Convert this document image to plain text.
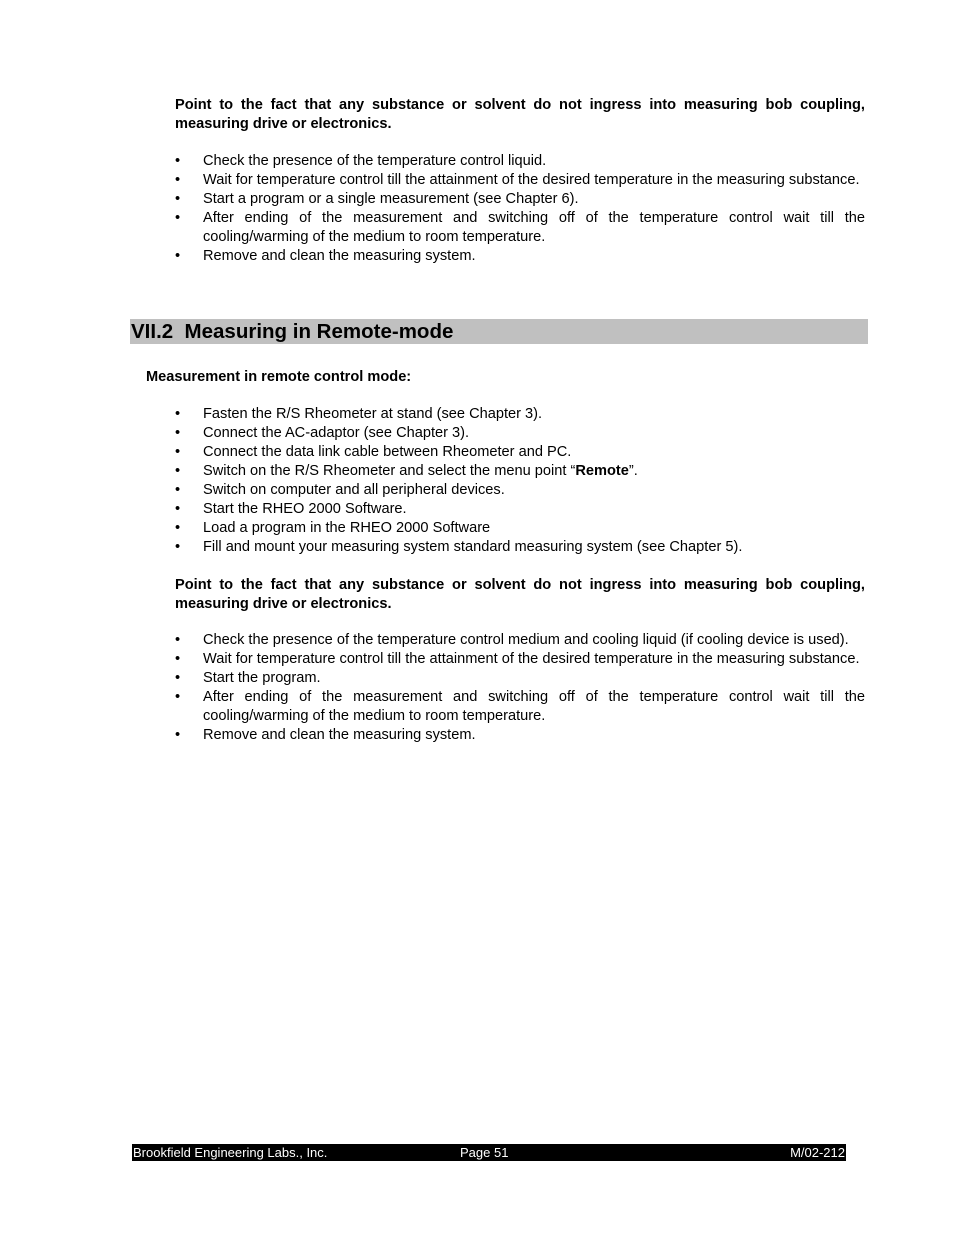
Point to the fact that any substance or solvent do not ingress into measuring bob coupling, measuring drive or electronics.

•	Check the presence of the temperature control liquid.
•	Wait for temperature control till the attainment of the desired temperature in the measuring substance.
•	Start a program or a single measurement (see Chapter 6).
•	After ending of the measurement and switching off of the temperature control wait till the cooling/warming of the medium to room temperature.
•	Remove and clean the measuring system.
VII.2  Measuring in Remote-mode
Measurement in remote control mode:
•	Fasten the R/S Rheometer at stand (see Chapter 3).
•	Connect the AC-adaptor (see Chapter 3).
•	Connect the data link cable between Rheometer and PC.
•	Switch on the R/S Rheometer and select the menu point “Remote”.
•	Switch on computer and all peripheral devices.
•	Start the RHEO 2000 Software.
•	Load a program in the RHEO 2000 Software
•	Fill and mount your measuring system standard measuring system (see Chapter 5).

Point to the fact that any substance or solvent do not ingress into measuring bob coupling, measuring drive or electronics.

•	Check the presence of the temperature control medium and cooling liquid (if cooling device is used).
•	Wait for temperature control till the attainment of the desired temperature in the measuring substance.
•	Start the program.
•	After ending of the measurement and switching off of the temperature control wait till the cooling/warming of the medium to room temperature.
•	Remove and clean the measuring system.
Brookfield Engineering Labs., Inc.	Page 51	M/02-212
